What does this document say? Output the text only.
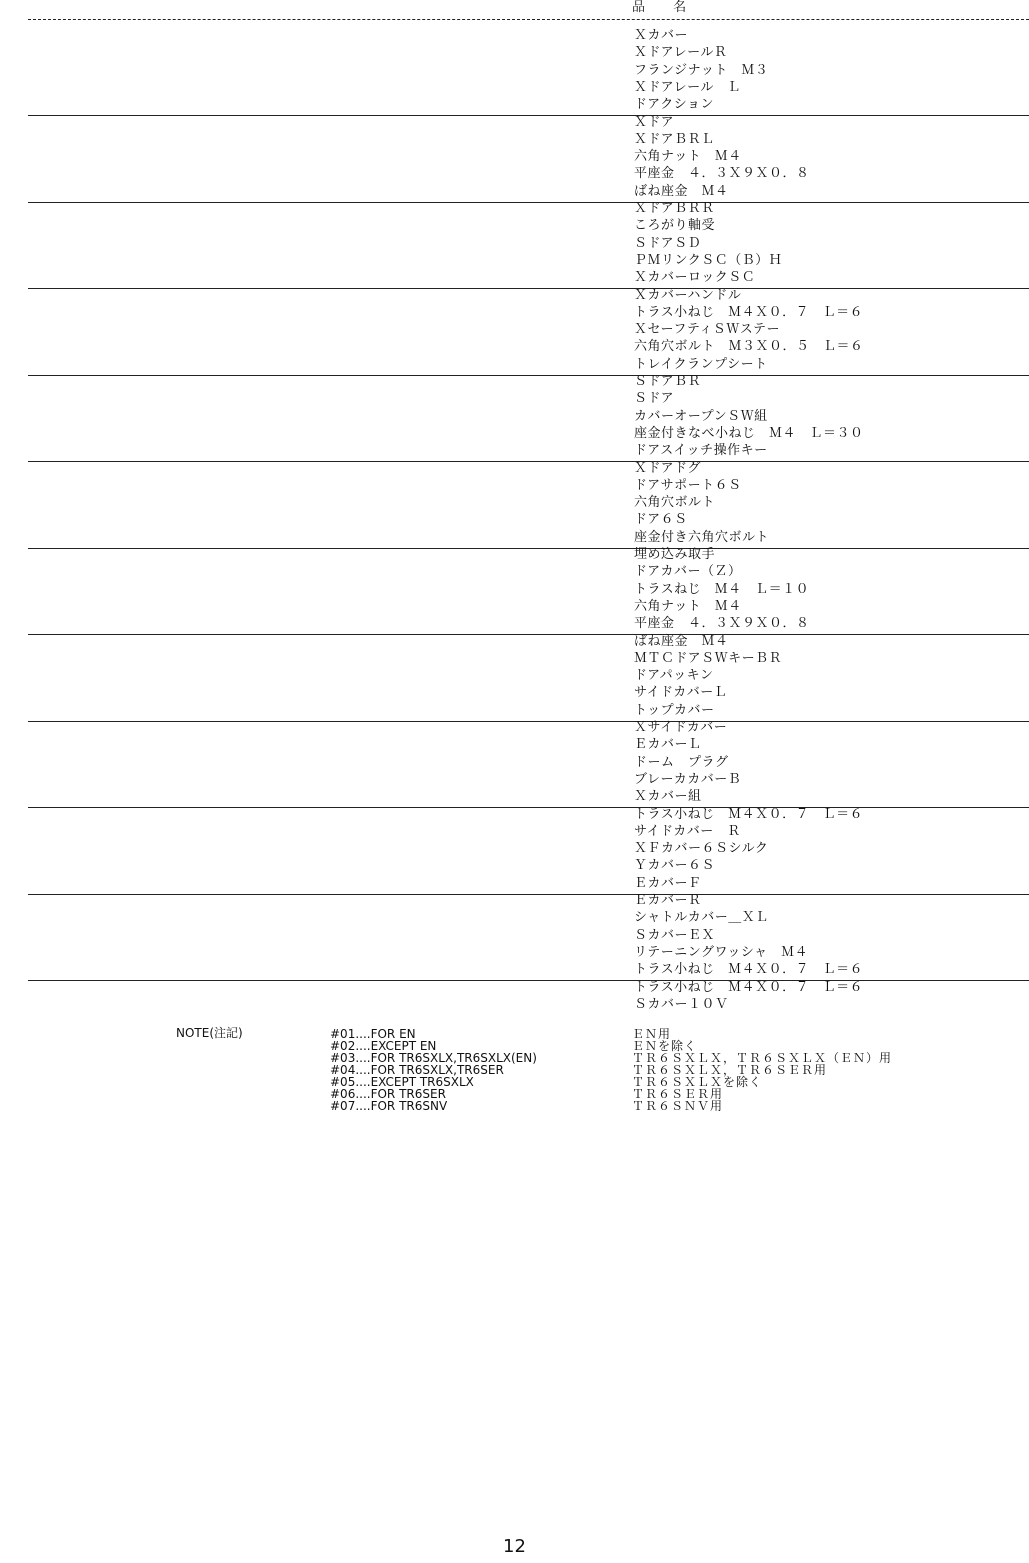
品 名
Ｘカバー
ＸドアレールＲ
フランジナット　Ｍ３
Ｘドアレール　Ｌ
ドアクション
Ｘドア
ＸドアＢＲＬ
六角ナット　Ｍ４
平座金　４．３Ｘ９Ｘ０．８
ばね座金　Ｍ４
ＸドアＢＲＲ
ころがり軸受
ＳドアＳＤ
ＰＭリンクＳＣ（Ｂ）Ｈ
ＸカバーロックＳＣ
Ｘカバーハンドル
トラス小ねじ　Ｍ４Ｘ０．７　Ｌ＝６
ＸセーフティＳＷステー
六角穴ボルト　Ｍ３Ｘ０．５　Ｌ＝６
トレイクランプシート
ＳドアＢＲ
Ｓドア
カバーオープンＳＷ組
座金付きなべ小ねじ　Ｍ４　Ｌ＝３０
ドアスイッチ操作キー
Ｘドアドグ
ドアサポート６Ｓ
六角穴ボルト
ドア６Ｓ
座金付き六角穴ボルト
埋め込み取手
ドアカバー（Ｚ）
トラスねじ　Ｍ４　Ｌ＝１０
六角ナット　Ｍ４
平座金　４．３Ｘ９Ｘ０．８
ばね座金　Ｍ４
ＭＴＣドアＳＷキーＢＲ
ドアパッキン
サイドカバーＬ
トップカバー
Ｘサイドカバー
ＥカバーＬ
ドーム　プラグ
ブレーカカバーＢ
Ｘカバー組
トラス小ねじ　Ｍ４Ｘ０．７　Ｌ＝６
サイドカバー　Ｒ
ＸＦカバー６Ｓシルク
Ｙカバー６Ｓ
ＥカバーＦ
ＥカバーＲ
シャトルカバー＿ＸＬ
ＳカバーＥＸ
リテーニングワッシャ　Ｍ４
トラス小ねじ　Ｍ４Ｘ０．７　Ｌ＝６
トラス小ねじ　Ｍ４Ｘ０．７　Ｌ＝６
Ｓカバー１０Ｖ
NOTE(注記)	#01....FOR EN	ＥＮ用
#02....EXCEPT EN	ＥＮを除く
#03....FOR TR6SXLX,TR6SXLX(EN)	ＴＲ６ＳＸＬＸ，ＴＲ６ＳＸＬＸ（ＥＮ）用
#04....FOR TR6SXLX,TR6SER	ＴＲ６ＳＸＬＸ，ＴＲ６ＳＥＲ用
#05....EXCEPT TR6SXLX	ＴＲ６ＳＸＬＸを除く
#06....FOR TR6SER	ＴＲ６ＳＥＲ用
#07....FOR TR6SNV	ＴＲ６ＳＮＶ用
12
